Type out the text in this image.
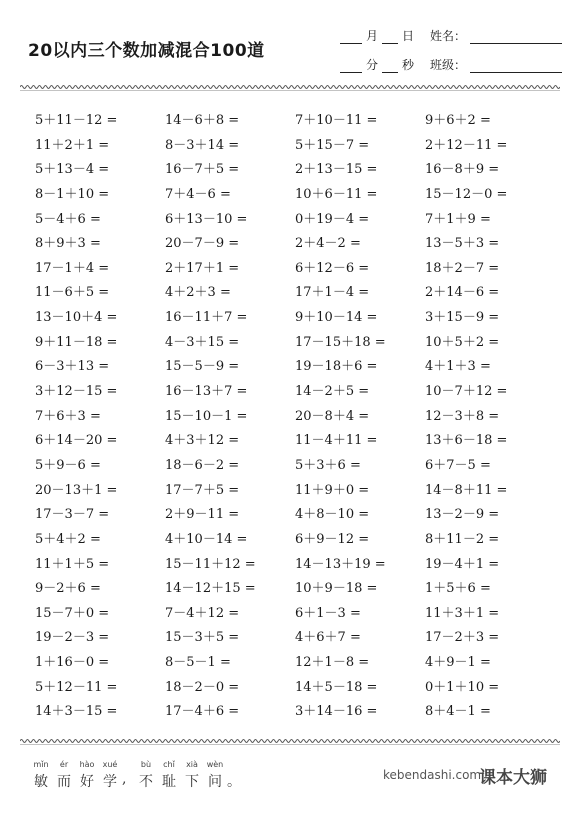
20以内三个数加减混合100道
月	日	姓名：
分	秒	班级：
5＋11－12 =	14－6＋8 =	7＋10－11 =	9＋6＋2 =
11＋2＋1 =	8－3＋14 =	5＋15－7 =	2＋12－11 =
5＋13－4 =	16－7＋5 =	2＋13－15 =	16－8＋9 =
8－1＋10 =	7＋4－6 =	10＋6－11 =	15－12－0 =
5－4＋6 =	6＋13－10 =	0＋19－4 =	7＋1＋9 =
8＋9＋3 =	20－7－9 =	2＋4－2 =	13－5＋3 =
17－1＋4 =	2＋17＋1 =	6＋12－6 =	18＋2－7 =
11－6＋5 =	4＋2＋3 =	17＋1－4 =	2＋14－6 =
13－10＋4 =	16－11＋7 =	9＋10－14 =	3＋15－9 =
9＋11－18 =	4－3＋15 =	17－15＋18 =	10＋5＋2 =
6－3＋13 =	15－5－9 =	19－18＋6 =	4＋1＋3 =
3＋12－15 =	16－13＋7 =	14－2＋5 =	10－7＋12 =
7＋6＋3 =	15－10－1 =	20－8＋4 =	12－3＋8 =
6＋14－20 =	4＋3＋12 =	11－4＋11 =	13＋6－18 =
5＋9－6 =	18－6－2 =	5＋3＋6 =	6＋7－5 =
20－13＋1 =	17－7＋5 =	11＋9＋0 =	14－8＋11 =
17－3－7 =	2＋9－11 =	4＋8－10 =	13－2－9 =
5＋4＋2 =	4＋10－14 =	6＋9－12 =	8＋11－2 =
11＋1＋5 =	15－11＋12 =	14－13＋19 =	19－4＋1 =
9－2＋6 =	14－12＋15 =	10＋9－18 =	1＋5＋6 =
15－7＋0 =	7－4＋12 =	6＋1－3 =	11＋3＋1 =
19－2－3 =	15－3＋5 =	4＋6＋7 =	17－2＋3 =
1＋16－0 =	8－5－1 =	12＋1－8 =	4＋9－1 =
5＋12－11 =	18－2－0 =	14＋5－18 =	0＋1＋10 =
14＋3－15 =	17－4＋6 =	3＋14－16 =	8＋4－1 =
mǐn
敏
ér
而
hào
好
xué
学 ,
bù
不
chǐ
耻
xià
下
wèn
问 。	kebendashi.com
课本大狮
